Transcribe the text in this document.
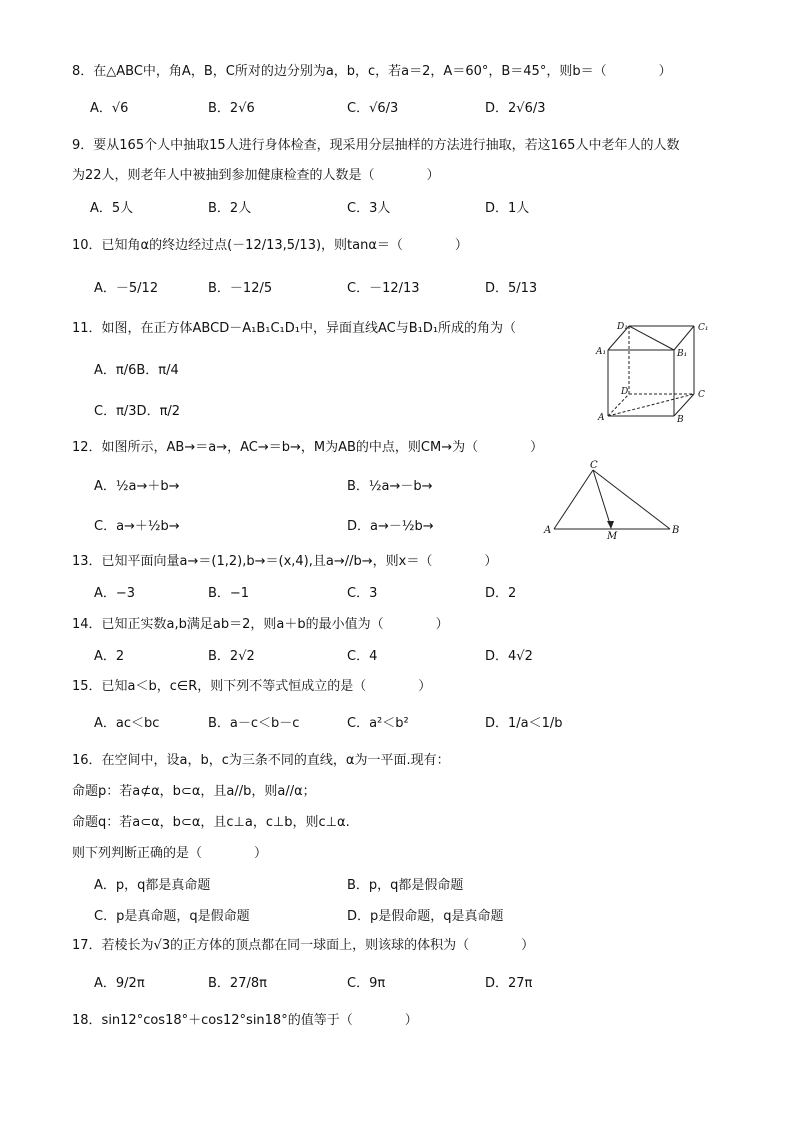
8．在△ABC中，角A，B，C所对的边分别为a，b，c，若a＝2，A＝60°，B＝45°，则b＝（　　　　）
A．√6	B．2√6	C．√6/3	D．2√6/3
9．要从165个人中抽取15人进行身体检查，现采用分层抽样的方法进行抽取，若这165人中老年人的人数
为22人，则老年人中被抽到参加健康检查的人数是（　　　　）
A．5人	B．2人	C．3人	D．1人
10．已知角α的终边经过点(－12/13,5/13)，则tanα＝（　　　　）
A．－5/12	B．－12/5	C．－12/13	D．5/13
11．如图，在正方体ABCD－A₁B₁C₁D₁中，异面直线AC与B₁D₁所成的角为（
A．π/6B．π/4
C．π/3D．π/2
D₁	C₁
A₁	B₁
D	C
A	B
12．如图所示，AB→＝a→，AC→＝b→，M为AB的中点，则CM→为（　　　　）
A．½a→＋b→	B．½a→－b→
C．a→＋½b→	D．a→－½b→
C
A
M
B
13．已知平面向量a→＝(1,2),b→＝(x,4),且a→//b→，则x＝（　　　　）
A．−3	B．−1	C．3	D．2
14．已知正实数a,b满足ab＝2，则a＋b的最小值为（　　　　）
A．2	B．2√2	C．4	D．4√2
15．已知a＜b，c∈R，则下列不等式恒成立的是（　　　　）
A．ac＜bc	B．a－c＜b－c	C．a²＜b²	D．1/a＜1/b
16．在空间中，设a，b，c为三条不同的直线，α为一平面.现有：
命题p：若a⊄α，b⊂α，且a//b，则a//α；
命题q：若a⊂α，b⊂α，且c⊥a，c⊥b，则c⊥α.
则下列判断正确的是（　　　　）
A．p，q都是真命题	B．p，q都是假命题
C．p是真命题，q是假命题	D．p是假命题，q是真命题
17．若棱长为√3的正方体的顶点都在同一球面上，则该球的体积为（　　　　）
A．9/2π	B．27/8π	C．9π	D．27π
18．sin12°cos18°＋cos12°sin18°的值等于（　　　　）
